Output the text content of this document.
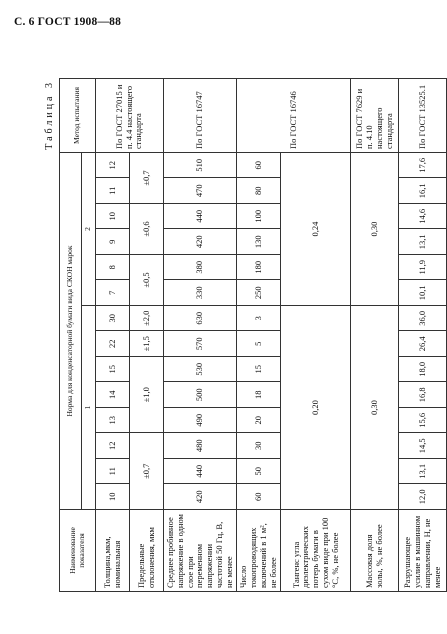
С. 6 ГОСТ 1908—88
Таблица 3
Наименование показателя	Норма для конденсаторной бумаги вида СКОН марок														Метод испытания
	1								2						

Толщина,мкм, номинальная	10	11	12	13	14	15	22	30	7	8	9	10	11	12	По ГОСТ 27015 и п. 4.4 настоящего стандарта
Предельные отклонения, мкм	±0,7			±1,0			±1,5	±2,0	±0,5		±0,6		±0,7		
Среднее пробивное напряжение в одном слое при переменном напряжении частотой 50 Гц, В, не менее	420	440	480	490	500	530	570	630	330	380	420	440	470	510	По ГОСТ 16747
Число токопроводящих включений в 1 м², не более	60	50	30	20	18	15	5	3	250	180	130	100	80	60	По ГОСТ 16746
Тангенс угла диэлектрических потерь бумаги в сухом виде при 100 °С, %, не более	0,20								0,24						
Массовая доля золы, %, не более	0,30								0,30						По ГОСТ 7629 и п. 4.10 настоящего стандарта
Разрушающее усилие в машинном направлении, Н, не менее	12,0	13,1	14,5	15,6	16,8	18,0	26,4	36,0	10,1	11,9	13,1	14,6	16,1	17,6	По ГОСТ 13525.1
